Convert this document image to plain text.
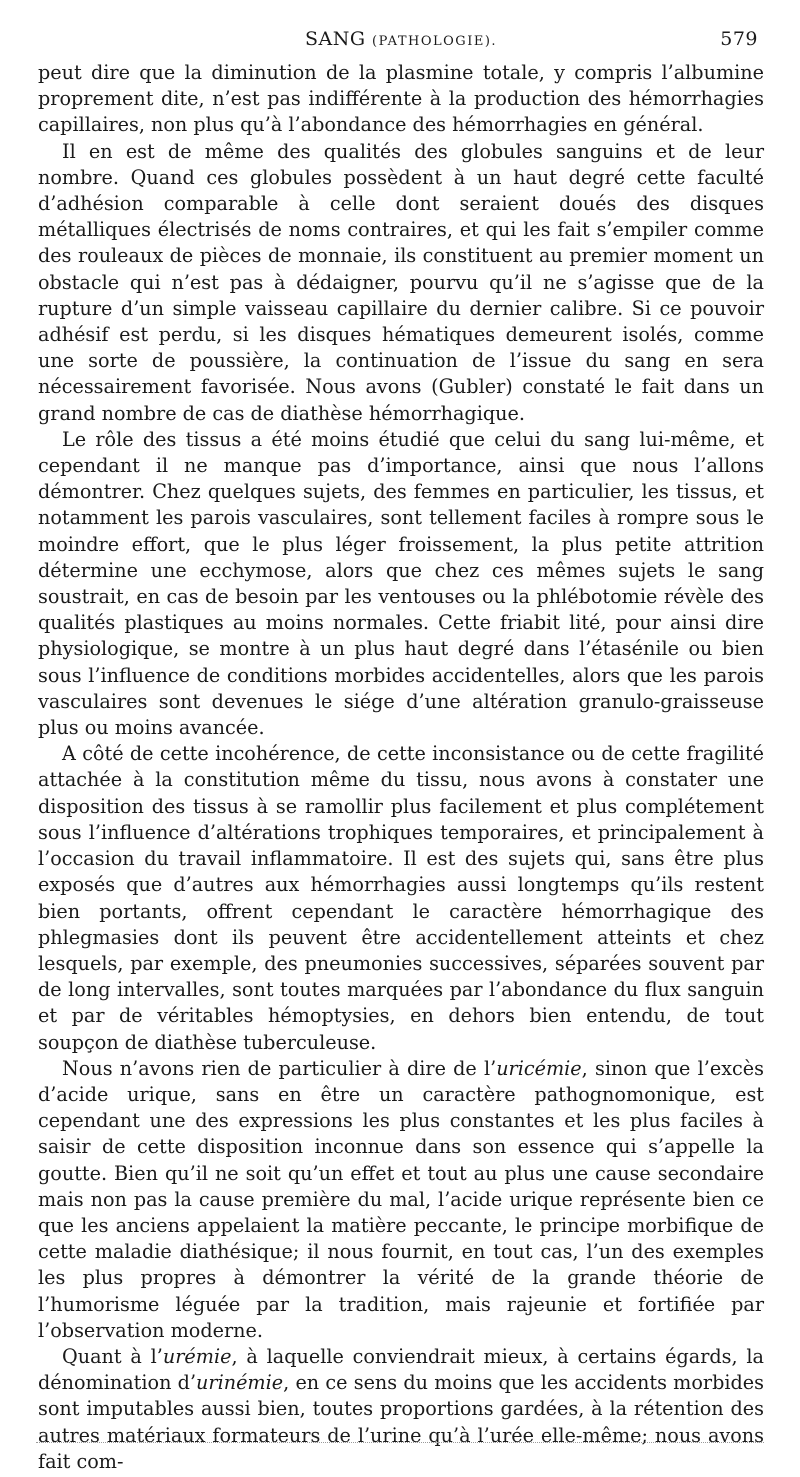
SANG (PATHOLOGIE).	579

peut dire que la diminution de la plasmine totale, y compris l’albumine proprement dite, n’est pas indifférente à la production des hémorrhagies capillaires, non plus qu’à l’abondance des hémorrhagies en général.

Il en est de même des qualités des globules sanguins et de leur nombre. Quand ces globules possèdent à un haut degré cette faculté d’adhésion comparable à celle dont seraient doués des disques métalliques électrisés de noms contraires, et qui les fait s’empiler comme des rouleaux de pièces de monnaie, ils constituent au premier moment un obstacle qui n’est pas à dédaigner, pourvu qu’il ne s’agisse que de la rupture d’un simple vaisseau capillaire du dernier calibre. Si ce pouvoir adhésif est perdu, si les disques hématiques demeurent isolés, comme une sorte de poussière, la continuation de l’issue du sang en sera nécessairement favorisée. Nous avons (Gubler) constaté le fait dans un grand nombre de cas de diathèse hémorrhagique.

Le rôle des tissus a été moins étudié que celui du sang lui-même, et cependant il ne manque pas d’importance, ainsi que nous l’allons démontrer. Chez quelques sujets, des femmes en particulier, les tissus, et notamment les parois vasculaires, sont tellement faciles à rompre sous le moindre effort, que le plus léger froissement, la plus petite attrition détermine une ecchymose, alors que chez ces mêmes sujets le sang soustrait, en cas de besoin par les ventouses ou la phlébotomie révèle des qualités plastiques au moins normales. Cette friabit lité, pour ainsi dire physiologique, se montre à un plus haut degré dans l’étasénile ou bien sous l’influence de conditions morbides accidentelles, alors que les parois vasculaires sont devenues le siége d’une altération granulo-graisseuse plus ou moins avancée.

A côté de cette incohérence, de cette inconsistance ou de cette fragilité attachée à la constitution même du tissu, nous avons à constater une disposition des tissus à se ramollir plus facilement et plus complétement sous l’influence d’altérations trophiques temporaires, et principalement à l’occasion du travail inflammatoire. Il est des sujets qui, sans être plus exposés que d’autres aux hémorrhagies aussi longtemps qu’ils restent bien portants, offrent cependant le caractère hémorrhagique des phlegmasies dont ils peuvent être accidentellement atteints et chez lesquels, par exemple, des pneumonies successives, séparées souvent par de long intervalles, sont toutes marquées par l’abondance du flux sanguin et par de véritables hémoptysies, en dehors bien entendu, de tout soupçon de diathèse tuberculeuse.

Nous n’avons rien de particulier à dire de l’uricémie, sinon que l’excès d’acide urique, sans en être un caractère pathognomonique, est cependant une des expressions les plus constantes et les plus faciles à saisir de cette disposition inconnue dans son essence qui s’appelle la goutte. Bien qu’il ne soit qu’un effet et tout au plus une cause secondaire mais non pas la cause première du mal, l’acide urique représente bien ce que les anciens appelaient la matière peccante, le principe morbifique de cette maladie diathésique; il nous fournit, en tout cas, l’un des exemples les plus propres à démontrer la vérité de la grande théorie de l’humorisme léguée par la tradition, mais rajeunie et fortifiée par l’observation moderne.

Quant à l’urémie, à laquelle conviendrait mieux, à certains égards, la dénomination d’urinémie, en ce sens du moins que les accidents morbides sont imputables aussi bien, toutes proportions gardées, à la rétention des autres matériaux formateurs de l’urine qu’à l’urée elle-même; nous avons fait com-
